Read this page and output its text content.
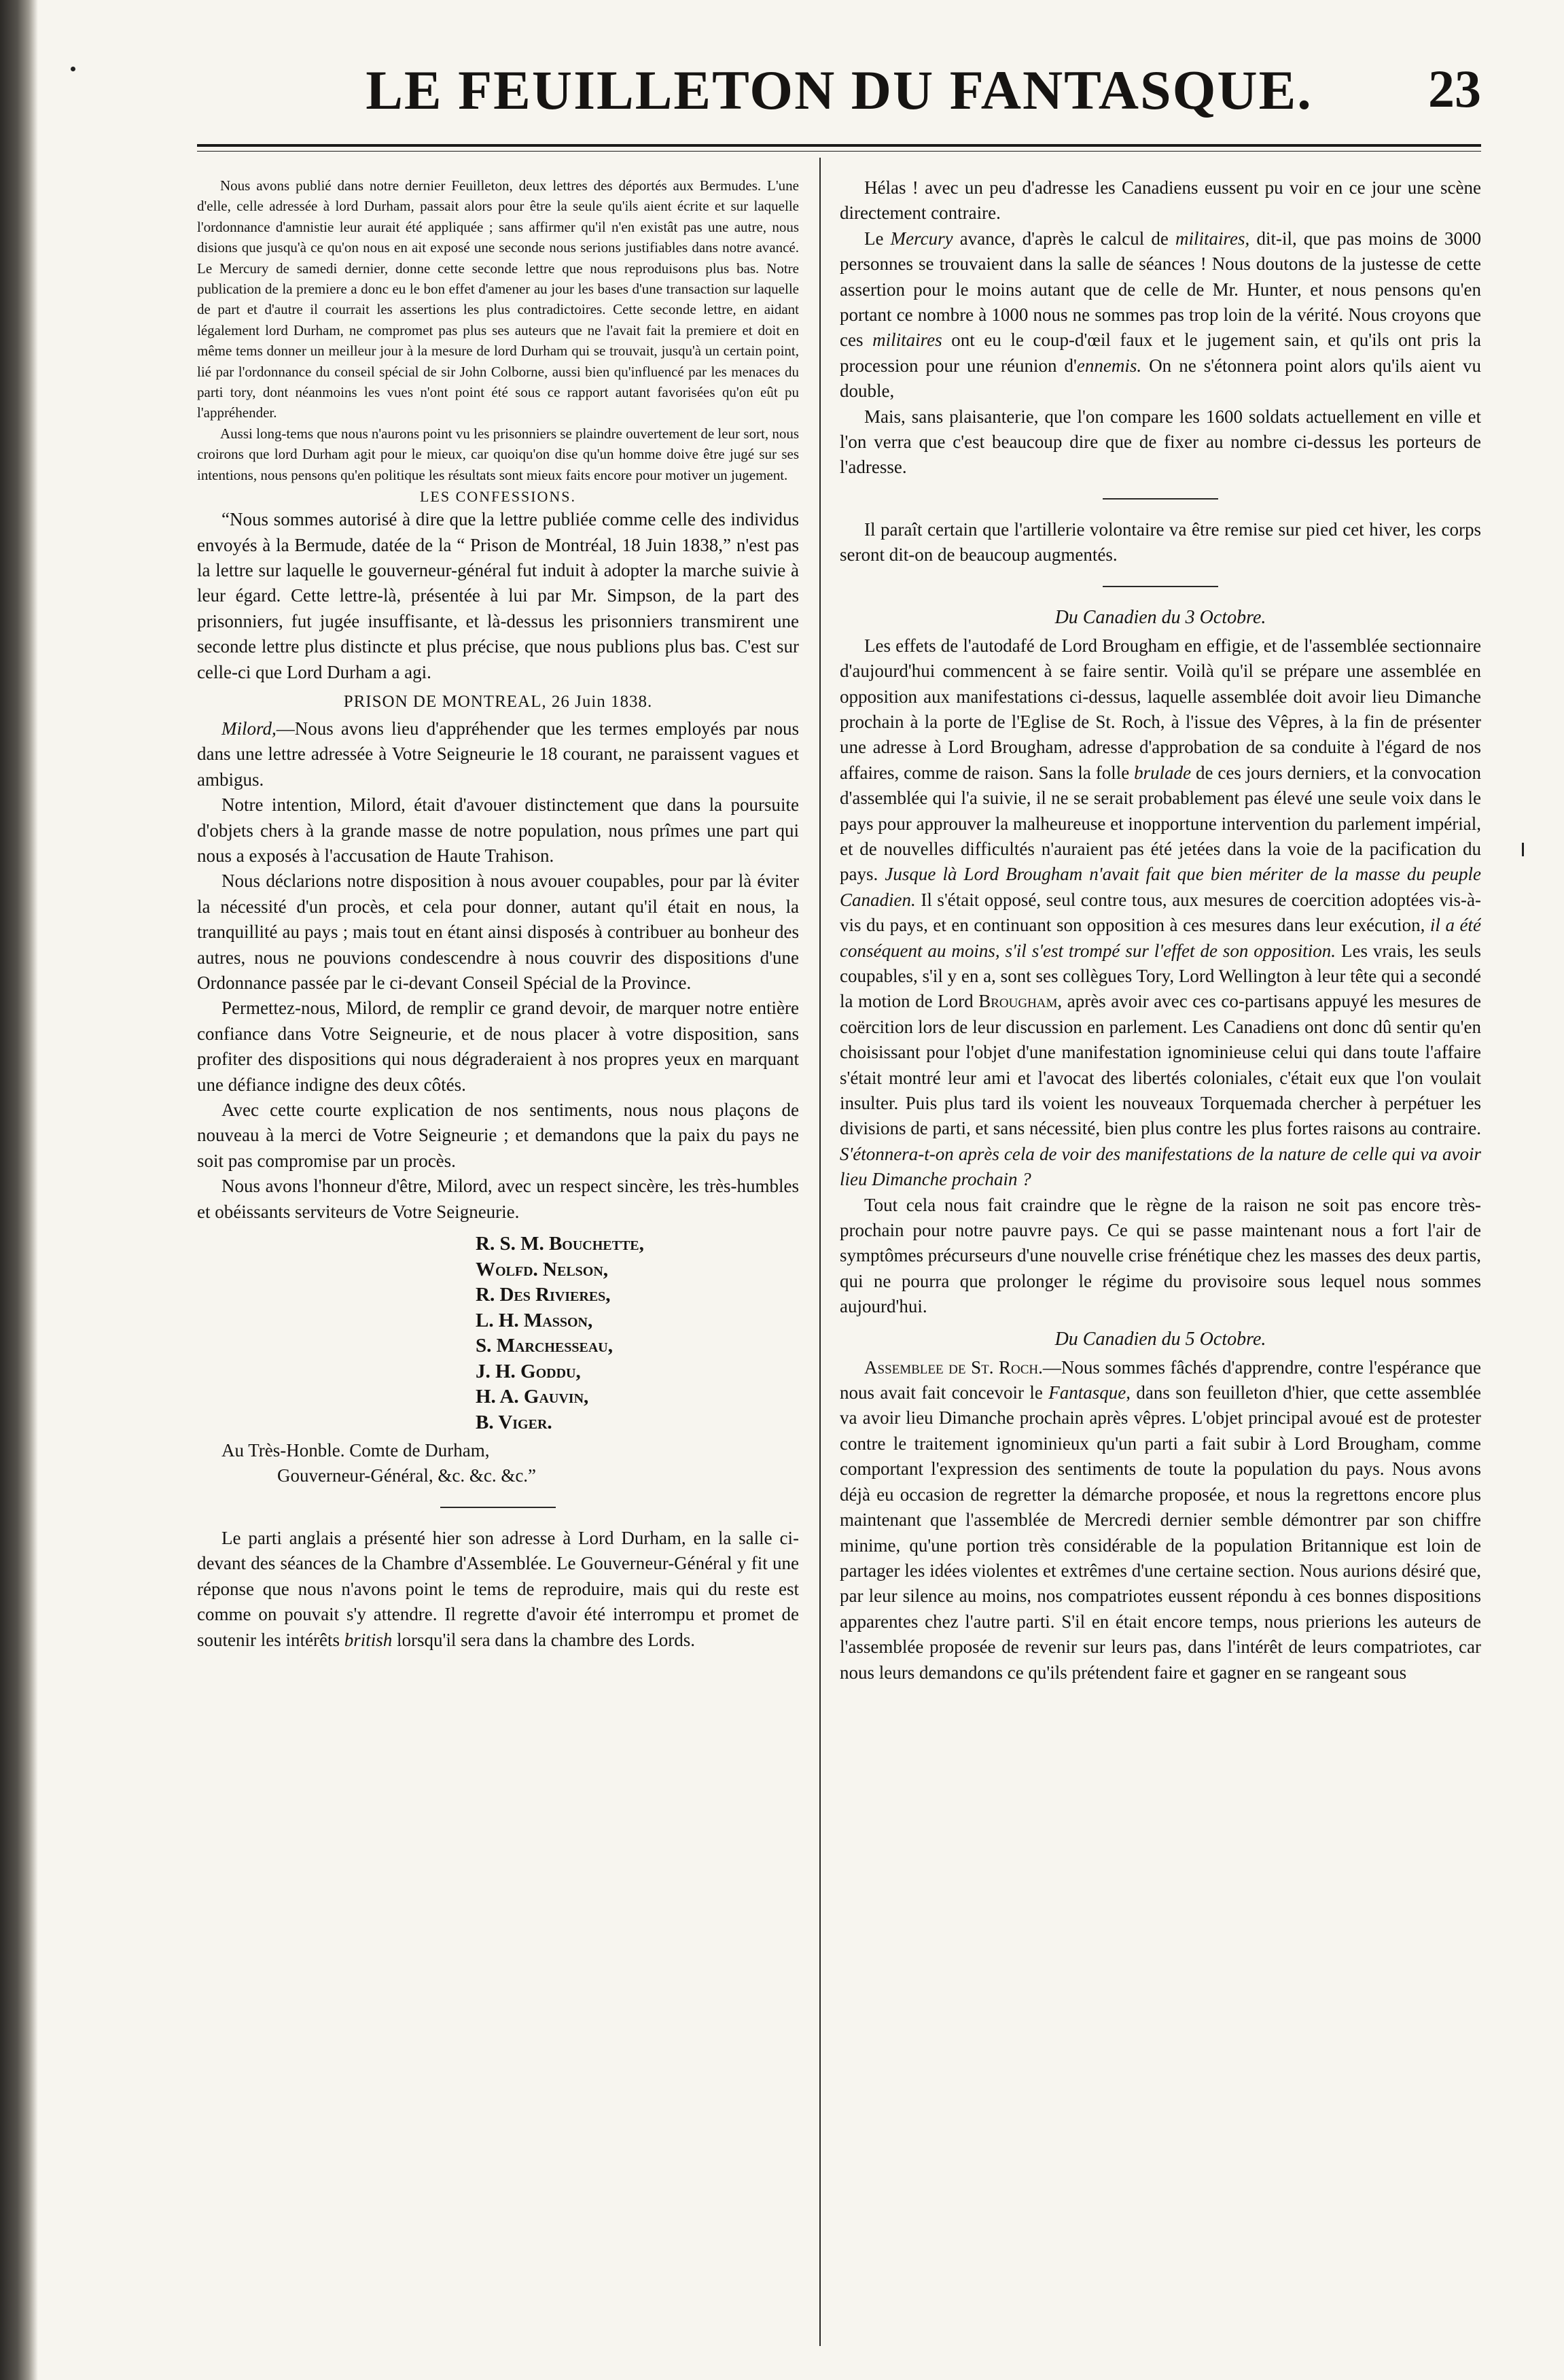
LE FEUILLETON DU FANTASQUE.	23

Nous avons publié dans notre dernier Feuilleton, deux lettres des déportés aux Bermudes. L'une d'elle, celle adressée à lord Durham, passait alors pour être la seule qu'ils aient écrite et sur laquelle l'ordonnance d'amnistie leur aurait été appliquée ; sans affirmer qu'il n'en existât pas une autre, nous disions que jusqu'à ce qu'on nous en ait exposé une seconde nous serions justifiables dans notre avancé. Le Mercury de samedi dernier, donne cette seconde lettre que nous reproduisons plus bas. Notre publication de la premiere a donc eu le bon effet d'amener au jour les bases d'une transaction sur laquelle de part et d'autre il courrait les assertions les plus contradictoires. Cette seconde lettre, en aidant légalement lord Durham, ne compromet pas plus ses auteurs que ne l'avait fait la premiere et doit en même tems donner un meilleur jour à la mesure de lord Durham qui se trouvait, jusqu'à un certain point, lié par l'ordonnance du conseil spécial de sir John Colborne, aussi bien qu'influencé par les menaces du parti tory, dont néanmoins les vues n'ont point été sous ce rapport autant favorisées qu'on eût pu l'appréhender.

Aussi long-tems que nous n'aurons point vu les prisonniers se plaindre ouvertement de leur sort, nous croirons que lord Durham agit pour le mieux, car quoiqu'on dise qu'un homme doive être jugé sur ses intentions, nous pensons qu'en politique les résultats sont mieux faits encore pour motiver un jugement.

LES CONFESSIONS.

“Nous sommes autorisé à dire que la lettre publiée comme celle des individus envoyés à la Bermude, datée de la “ Prison de Montréal, 18 Juin 1838,” n'est pas la lettre sur laquelle le gouverneur-général fut induit à adopter la marche suivie à leur égard. Cette lettre-là, présentée à lui par Mr. Simpson, de la part des prisonniers, fut jugée insuffisante, et là-dessus les prisonniers transmirent une seconde lettre plus distincte et plus précise, que nous publions plus bas. C'est sur celle-ci que Lord Durham a agi.

PRISON DE MONTREAL, 26 Juin 1838.

Milord,—Nous avons lieu d'appréhender que les termes employés par nous dans une lettre adressée à Votre Seigneurie le 18 courant, ne paraissent vagues et ambigus.

Notre intention, Milord, était d'avouer distinctement que dans la poursuite d'objets chers à la grande masse de notre population, nous prîmes une part qui nous a exposés à l'accusation de Haute Trahison.

Nous déclarions notre disposition à nous avouer coupables, pour par là éviter la nécessité d'un procès, et cela pour donner, autant qu'il était en nous, la tranquillité au pays ; mais tout en étant ainsi disposés à contribuer au bonheur des autres, nous ne pouvions condescendre à nous couvrir des dispositions d'une Ordonnance passée par le ci-devant Conseil Spécial de la Province.

Permettez-nous, Milord, de remplir ce grand devoir, de marquer notre entière confiance dans Votre Seigneurie, et de nous placer à votre disposition, sans profiter des dispositions qui nous dégraderaient à nos propres yeux en marquant une défiance indigne des deux côtés.

Avec cette courte explication de nos sentiments, nous nous plaçons de nouveau à la merci de Votre Seigneurie ; et demandons que la paix du pays ne soit pas compromise par un procès.

Nous avons l'honneur d'être, Milord, avec un respect sincère, les très-humbles et obéissants serviteurs de Votre Seigneurie.

R. S. M. Bouchette,
Wolfd. Nelson,
R. Des Rivieres,
L. H. Masson,
S. Marchesseau,
J. H. Goddu,
H. A. Gauvin,
B. Viger.
Au Très-Honble. Comte de Durham,
Gouverneur-Général, &c. &c. &c.”

Le parti anglais a présenté hier son adresse à Lord Durham, en la salle ci-devant des séances de la Chambre d'Assemblée. Le Gouverneur-Général y fit une réponse que nous n'avons point le tems de reproduire, mais qui du reste est comme on pouvait s'y attendre. Il regrette d'avoir été interrompu et promet de soutenir les intérêts british lorsqu'il sera dans la chambre des Lords.

Hélas ! avec un peu d'adresse les Canadiens eussent pu voir en ce jour une scène directement contraire.

Le Mercury avance, d'après le calcul de militaires, dit-il, que pas moins de 3000 personnes se trouvaient dans la salle de séances ! Nous doutons de la justesse de cette assertion pour le moins autant que de celle de Mr. Hunter, et nous pensons qu'en portant ce nombre à 1000 nous ne sommes pas trop loin de la vérité. Nous croyons que ces militaires ont eu le coup-d'œil faux et le jugement sain, et qu'ils ont pris la procession pour une réunion d'ennemis. On ne s'étonnera point alors qu'ils aient vu double,

Mais, sans plaisanterie, que l'on compare les 1600 soldats actuellement en ville et l'on verra que c'est beaucoup dire que de fixer au nombre ci-dessus les porteurs de l'adresse.

Il paraît certain que l'artillerie volontaire va être remise sur pied cet hiver, les corps seront dit-on de beaucoup augmentés.

Du Canadien du 3 Octobre.

Les effets de l'autodafé de Lord Brougham en effigie, et de l'assemblée sectionnaire d'aujourd'hui commencent à se faire sentir. Voilà qu'il se prépare une assemblée en opposition aux manifestations ci-dessus, laquelle assemblée doit avoir lieu Dimanche prochain à la porte de l'Eglise de St. Roch, à l'issue des Vêpres, à la fin de présenter une adresse à Lord Brougham, adresse d'approbation de sa conduite à l'égard de nos affaires, comme de raison. Sans la folle brulade de ces jours derniers, et la convocation d'assemblée qui l'a suivie, il ne se serait probablement pas élevé une seule voix dans le pays pour approuver la malheureuse et inopportune intervention du parlement impérial, et de nouvelles difficultés n'auraient pas été jetées dans la voie de la pacification du pays. Jusque là Lord Brougham n'avait fait que bien mériter de la masse du peuple Canadien. Il s'était opposé, seul contre tous, aux mesures de coercition adoptées vis-à-vis du pays, et en continuant son opposition à ces mesures dans leur exécution, il a été conséquent au moins, s'il s'est trompé sur l'effet de son opposition. Les vrais, les seuls coupables, s'il y en a, sont ses collègues Tory, Lord Wellington à leur tête qui a secondé la motion de Lord Brougham, après avoir avec ces co-partisans appuyé les mesures de coërcition lors de leur discussion en parlement. Les Canadiens ont donc dû sentir qu'en choisissant pour l'objet d'une manifestation ignominieuse celui qui dans toute l'affaire s'était montré leur ami et l'avocat des libertés coloniales, c'était eux que l'on voulait insulter. Puis plus tard ils voient les nouveaux Torquemada chercher à perpétuer les divisions de parti, et sans nécessité, bien plus contre les plus fortes raisons au contraire. S'étonnera-t-on après cela de voir des manifestations de la nature de celle qui va avoir lieu Dimanche prochain ?

Tout cela nous fait craindre que le règne de la raison ne soit pas encore très-prochain pour notre pauvre pays. Ce qui se passe maintenant nous a fort l'air de symptômes précurseurs d'une nouvelle crise frénétique chez les masses des deux partis, qui ne pourra que prolonger le régime du provisoire sous lequel nous sommes aujourd'hui.

Du Canadien du 5 Octobre.

Assemblee de St. Roch.—Nous sommes fâchés d'apprendre, contre l'espérance que nous avait fait concevoir le Fantasque, dans son feuilleton d'hier, que cette assemblée va avoir lieu Dimanche prochain après vêpres. L'objet principal avoué est de protester contre le traitement ignominieux qu'un parti a fait subir à Lord Brougham, comme comportant l'expression des sentiments de toute la population du pays. Nous avons déjà eu occasion de regretter la démarche proposée, et nous la regrettons encore plus maintenant que l'assemblée de Mercredi dernier semble démontrer par son chiffre minime, qu'une portion très considérable de la population Britannique est loin de partager les idées violentes et extrêmes d'une certaine section. Nous aurions désiré que, par leur silence au moins, nos compatriotes eussent répondu à ces bonnes dispositions apparentes chez l'autre parti. S'il en était encore temps, nous prierions les auteurs de l'assemblée proposée de revenir sur leurs pas, dans l'intérêt de leurs compatriotes, car nous leurs demandons ce qu'ils prétendent faire et gagner en se rangeant sous
